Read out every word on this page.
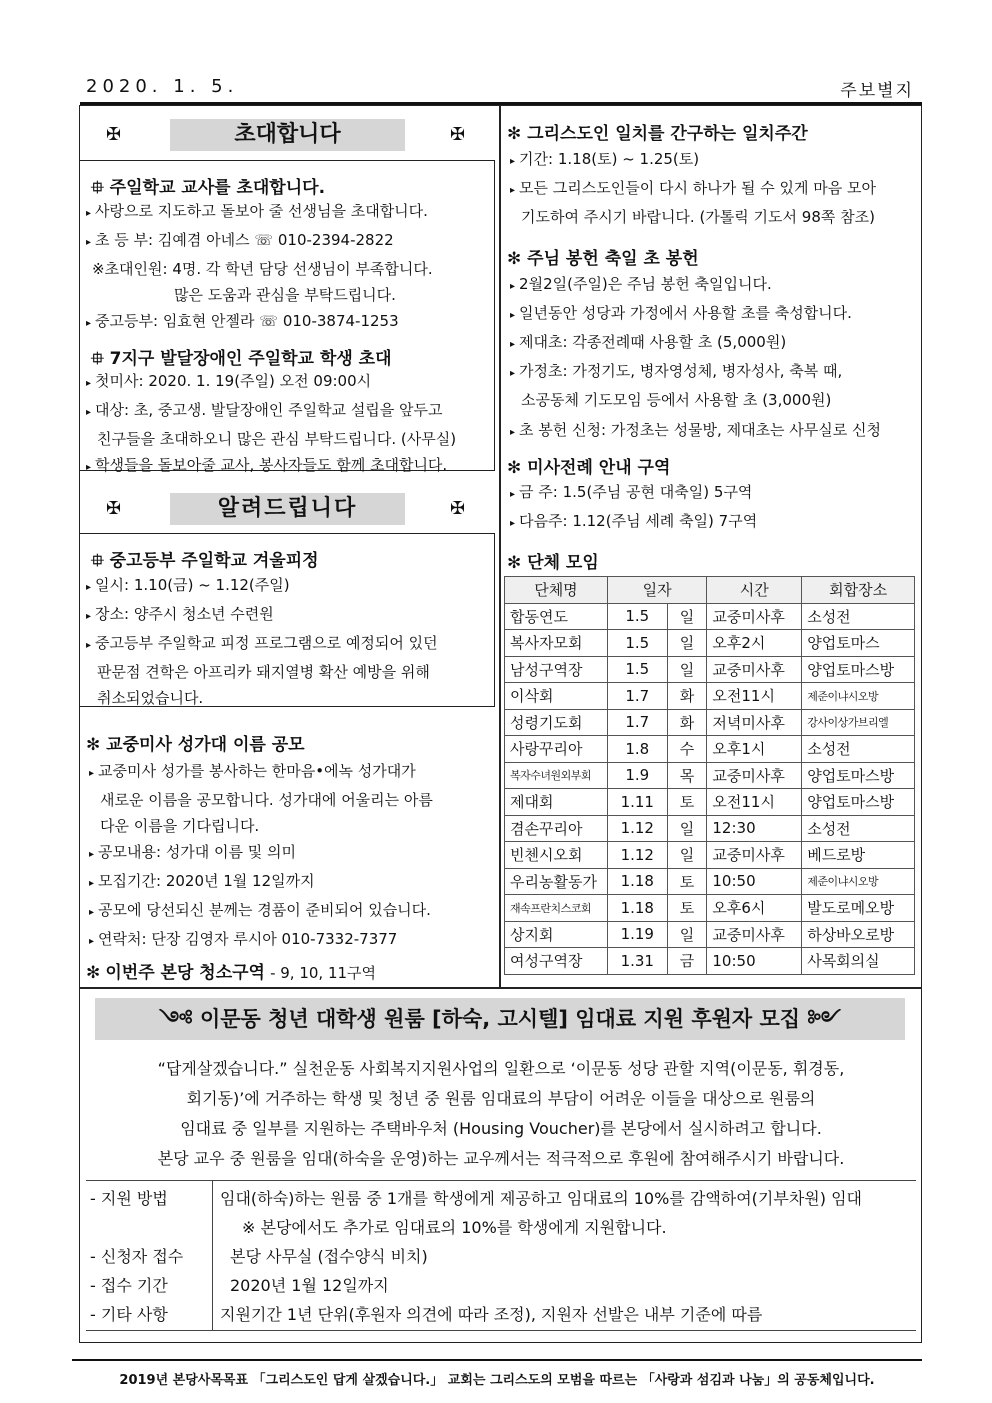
2020. 1. 5.	주보별지
✠	초대합니다	✠
⯐ 주일학교 교사를 초대합니다.
▸ 사랑으로 지도하고 돌보아 줄 선생님을 초대합니다.
▸ 초 등 부: 김예겸 아네스 ☏ 010-2394-2822
※초대인원: 4명. 각 학년 담당 선생님이 부족합니다.
많은 도움과 관심을 부탁드립니다.
▸ 중고등부: 임효현 안젤라 ☏ 010-3874-1253
⯐ 7지구 발달장애인 주일학교 학생 초대
▸ 첫미사: 2020. 1. 19(주일) 오전 09:00시
▸ 대상: 초, 중고생. 발달장애인 주일학교 설립을 앞두고
친구들을 초대하오니 많은 관심 부탁드립니다. (사무실)
▸ 학생들을 돌보아줄 교사, 봉사자들도 함께 초대합니다.
✠	알려드립니다	✠
⯐ 중고등부 주일학교 겨울피정
▸ 일시: 1.10(금) ~ 1.12(주일)
▸ 장소: 양주시 청소년 수련원
▸ 중고등부 주일학교 피정 프로그램으로 예정되어 있던
판문점 견학은 아프리카 돼지열병 확산 예방을 위해
취소되었습니다.
✻ 교중미사 성가대 이름 공모
▸ 교중미사 성가를 봉사하는 한마음•에녹 성가대가
새로운 이름을 공모합니다. 성가대에 어울리는 아름
다운 이름을 기다립니다.
▸ 공모내용: 성가대 이름 및 의미
▸ 모집기간: 2020년 1월 12일까지
▸ 공모에 당선되신 분께는 경품이 준비되어 있습니다.
▸ 연락처: 단장 김영자 루시아 010-7332-7377
✻ 이번주 본당 청소구역 - 9, 10, 11구역
✻ 그리스도인 일치를 간구하는 일치주간
▸ 기간: 1.18(토) ~ 1.25(토)
▸ 모든 그리스도인들이 다시 하나가 될 수 있게 마음 모아
기도하여 주시기 바랍니다. (가톨릭 기도서 98쪽 참조)
✻ 주님 봉헌 축일 초 봉헌
▸ 2월2일(주일)은 주님 봉헌 축일입니다.
▸ 일년동안 성당과 가정에서 사용할 초를 축성합니다.
▸ 제대초: 각종전례때 사용할 초 (5,000원)
▸ 가정초: 가정기도, 병자영성체, 병자성사, 축복 때,
소공동체 기도모임 등에서 사용할 초 (3,000원)
▸ 초 봉헌 신청: 가정초는 성물방, 제대초는 사무실로 신청
✻ 미사전례 안내 구역
▸ 금 주: 1.5(주님 공현 대축일) 5구역
▸ 다음주: 1.12(주님 세례 축일) 7구역
✻ 단체 모임
단체명	일자		시간	회합장소
합동연도	1.5	일	교중미사후	소성전
복사자모회	1.5	일	오후2시	양업토마스
남성구역장	1.5	일	교중미사후	양업토마스방
이삭회	1.7	화	오전11시	제준이냐시오방
성령기도회	1.7	화	저녁미사후	강사이상가브리엘
사랑꾸리아	1.8	수	오후1시	소성전
복자수녀원외부회	1.9	목	교중미사후	양업토마스방
제대회	1.11	토	오전11시	양업토마스방
겸손꾸리아	1.12	일	12:30	소성전
빈첸시오회	1.12	일	교중미사후	베드로방
우리농활동가	1.18	토	10:50	제준이냐시오방
재속프란치스코회	1.18	토	오후6시	발도로메오방
상지회	1.19	일	교중미사후	하상바오로방
여성구역장	1.31	금	10:50	사목회의실
༺ 이문동 청년 대학생 원룸 [하숙, 고시텔] 임대료 지원 후원자 모집 ༻
“답게살겠습니다.” 실천운동 사회복지지원사업의 일환으로 ‘이문동 성당 관할 지역(이문동, 휘경동,
회기동)’에 거주하는 학생 및 청년 중 원룸 임대료의 부담이 어려운 이들을 대상으로 원룸의
임대료 중 일부를 지원하는 주택바우처 (Housing Voucher)를 본당에서 실시하려고 합니다.
본당 교우 중 원룸을 임대(하숙을 운영)하는 교우께서는 적극적으로 후원에 참여해주시기 바랍니다.
- 지원 방법	임대(하숙)하는 원룸 중 1개를 학생에게 제공하고 임대료의 10%를 감액하여(기부차원) 임대
	※ 본당에서도 추가로 임대료의 10%를 학생에게 지원합니다.
- 신청자 접수	본당 사무실 (접수양식 비치)
- 접수 기간	2020년 1월 12일까지
- 기타 사항	지원기간 1년 단위(후원자 의견에 따라 조정), 지원자 선발은 내부 기준에 따름
2019년 본당사목목표 「그리스도인 답게 살겠습니다.」 교회는 그리스도의 모범을 따르는 「사랑과 섬김과 나눔」의 공동체입니다.
